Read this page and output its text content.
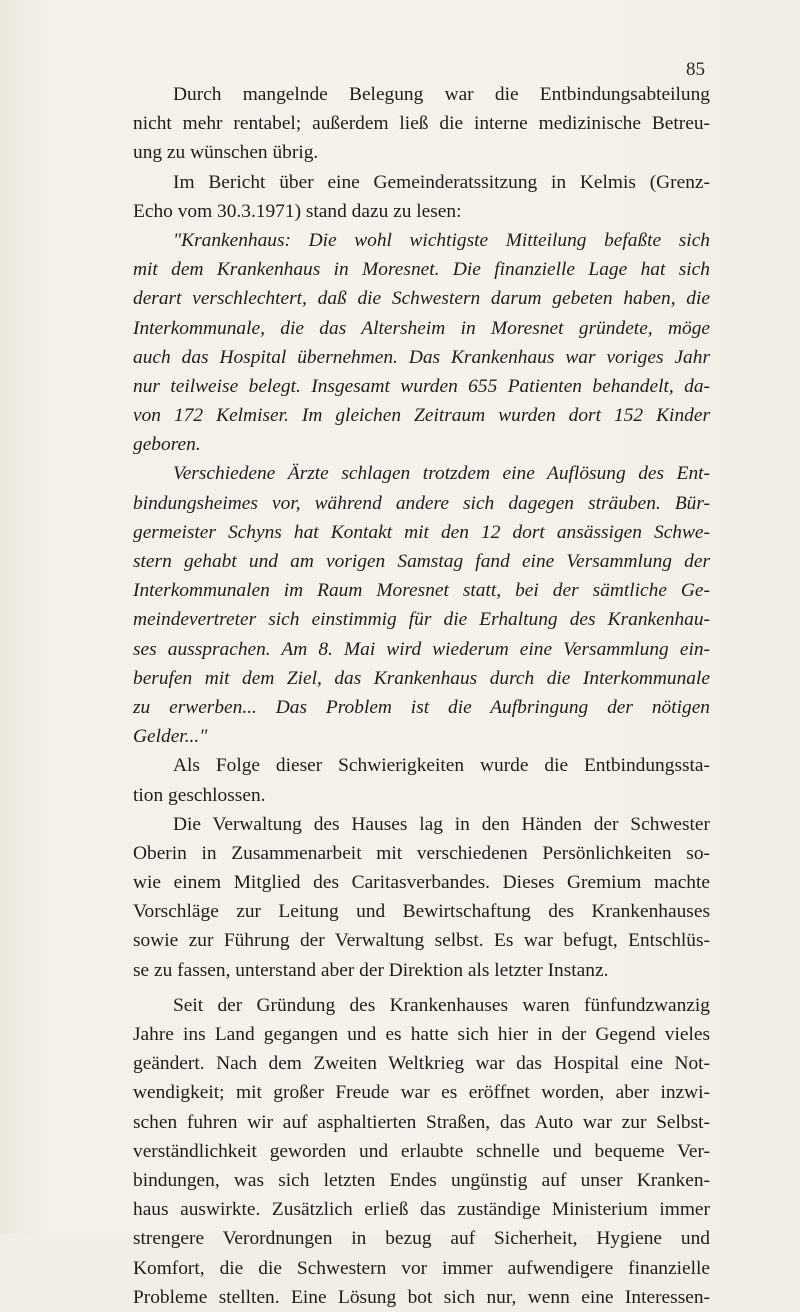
85
Durch mangelnde Belegung war die Entbindungsabteilung
nicht mehr rentabel; außerdem ließ die interne medizinische Betreu-
ung zu wünschen übrig.
Im Bericht über eine Gemeinderatssitzung in Kelmis (Grenz-
Echo vom 30.3.1971) stand dazu zu lesen:
"Krankenhaus: Die wohl wichtigste Mitteilung befaßte sich
mit dem Krankenhaus in Moresnet. Die finanzielle Lage hat sich
derart verschlechtert, daß die Schwestern darum gebeten haben, die
Interkommunale, die das Altersheim in Moresnet gründete, möge
auch das Hospital übernehmen. Das Krankenhaus war voriges Jahr
nur teilweise belegt. Insgesamt wurden 655 Patienten behandelt, da-
von 172 Kelmiser. Im gleichen Zeitraum wurden dort 152 Kinder
geboren.
Verschiedene Ärzte schlagen trotzdem eine Auflösung des Ent-
bindungsheimes vor, während andere sich dagegen sträuben. Bür-
germeister Schyns hat Kontakt mit den 12 dort ansässigen Schwe-
stern gehabt und am vorigen Samstag fand eine Versammlung der
Interkommunalen im Raum Moresnet statt, bei der sämtliche Ge-
meindevertreter sich einstimmig für die Erhaltung des Krankenhau-
ses aussprachen. Am 8. Mai wird wiederum eine Versammlung ein-
berufen mit dem Ziel, das Krankenhaus durch die Interkommunale
zu erwerben... Das Problem ist die Aufbringung der nötigen
Gelder..."
Als Folge dieser Schwierigkeiten wurde die Entbindungssta-
tion geschlossen.
Die Verwaltung des Hauses lag in den Händen der Schwester
Oberin in Zusammenarbeit mit verschiedenen Persönlichkeiten so-
wie einem Mitglied des Caritasverbandes. Dieses Gremium machte
Vorschläge zur Leitung und Bewirtschaftung des Krankenhauses
sowie zur Führung der Verwaltung selbst. Es war befugt, Entschlüs-
se zu fassen, unterstand aber der Direktion als letzter Instanz.
Seit der Gründung des Krankenhauses waren fünfundzwanzig
Jahre ins Land gegangen und es hatte sich hier in der Gegend vieles
geändert. Nach dem Zweiten Weltkrieg war das Hospital eine Not-
wendigkeit; mit großer Freude war es eröffnet worden, aber inzwi-
schen fuhren wir auf asphaltierten Straßen, das Auto war zur Selbst-
verständlichkeit geworden und erlaubte schnelle und bequeme Ver-
bindungen, was sich letzten Endes ungünstig auf unser Kranken-
haus auswirkte. Zusätzlich erließ das zuständige Ministerium immer
strengere Verordnungen in bezug auf Sicherheit, Hygiene und
Komfort, die die Schwestern vor immer aufwendigere finanzielle
Probleme stellten. Eine Lösung bot sich nur, wenn eine Interessen-
